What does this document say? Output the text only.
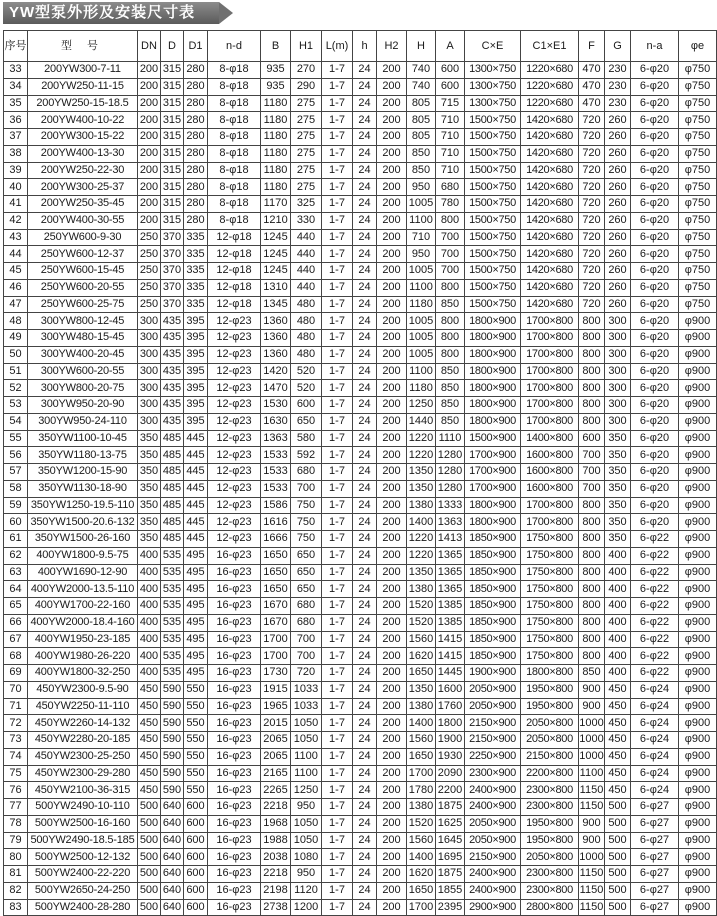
YW型泵外形及安装尺寸表
序号	型 号	DN	D	D1	n-d	B	H1	L(m)	h	H2	H	A	C×E	C1×E1	F	G	n-a	φe
33	200YW300-7-11	200	315	280	8-φ18	935	270	1-7	24	200	740	600	1300×750	1220×680	470	230	6-φ20	φ750
34	200YW250-11-15	200	315	280	8-φ18	935	290	1-7	24	200	740	600	1300×750	1220×680	470	230	6-φ20	φ750
35	200YW250-15-18.5	200	315	280	8-φ18	1180	275	1-7	24	200	805	715	1300×750	1220×680	470	230	6-φ20	φ750
36	200YW400-10-22	200	315	280	8-φ18	1180	275	1-7	24	200	805	710	1500×750	1420×680	720	260	6-φ20	φ750
37	200YW300-15-22	200	315	280	8-φ18	1180	275	1-7	24	200	805	710	1500×750	1420×680	720	260	6-φ20	φ750
38	200YW400-13-30	200	315	280	8-φ18	1180	275	1-7	24	200	850	710	1500×750	1420×680	720	260	6-φ20	φ750
39	200YW250-22-30	200	315	280	8-φ18	1180	275	1-7	24	200	850	710	1500×750	1420×680	720	260	6-φ20	φ750
40	200YW300-25-37	200	315	280	8-φ18	1180	275	1-7	24	200	950	680	1500×750	1420×680	720	260	6-φ20	φ750
41	200YW250-35-45	200	315	280	8-φ18	1170	325	1-7	24	200	1005	780	1500×750	1420×680	720	260	6-φ20	φ750
42	200YW400-30-55	200	315	280	8-φ18	1210	330	1-7	24	200	1100	800	1500×750	1420×680	720	260	6-φ20	φ750
43	250YW600-9-30	250	370	335	12-φ18	1245	440	1-7	24	200	710	700	1500×750	1420×680	720	260	6-φ20	φ750
44	250YW600-12-37	250	370	335	12-φ18	1245	440	1-7	24	200	950	700	1500×750	1420×680	720	260	6-φ20	φ750
45	250YW600-15-45	250	370	335	12-φ18	1245	440	1-7	24	200	1005	700	1500×750	1420×680	720	260	6-φ20	φ750
46	250YW600-20-55	250	370	335	12-φ18	1310	440	1-7	24	200	1100	800	1500×750	1420×680	720	260	6-φ20	φ750
47	250YW600-25-75	250	370	335	12-φ18	1345	480	1-7	24	200	1180	850	1500×750	1420×680	720	260	6-φ20	φ750
48	300YW800-12-45	300	435	395	12-φ23	1360	480	1-7	24	200	1005	800	1800×900	1700×800	800	300	6-φ20	φ900
49	300YW480-15-45	300	435	395	12-φ23	1360	480	1-7	24	200	1005	800	1800×900	1700×800	800	300	6-φ20	φ900
50	300YW400-20-45	300	435	395	12-φ23	1360	480	1-7	24	200	1005	800	1800×900	1700×800	800	300	6-φ20	φ900
51	300YW600-20-55	300	435	395	12-φ23	1420	520	1-7	24	200	1100	850	1800×900	1700×800	800	300	6-φ20	φ900
52	300YW800-20-75	300	435	395	12-φ23	1470	520	1-7	24	200	1180	850	1800×900	1700×800	800	300	6-φ20	φ900
53	300YW950-20-90	300	435	395	12-φ23	1530	600	1-7	24	200	1250	850	1800×900	1700×800	800	300	6-φ20	φ900
54	300YW950-24-110	300	435	395	12-φ23	1630	650	1-7	24	200	1440	850	1800×900	1700×800	800	300	6-φ20	φ900
55	350YW1100-10-45	350	485	445	12-φ23	1363	580	1-7	24	200	1220	1110	1500×900	1400×800	600	350	6-φ20	φ900
56	350YW1180-13-75	350	485	445	12-φ23	1533	592	1-7	24	200	1220	1280	1700×900	1600×800	700	350	6-φ20	φ900
57	350YW1200-15-90	350	485	445	12-φ23	1533	680	1-7	24	200	1350	1280	1700×900	1600×800	700	350	6-φ20	φ900
58	350YW1130-18-90	350	485	445	12-φ23	1533	700	1-7	24	200	1350	1280	1700×900	1600×800	700	350	6-φ20	φ900
59	350YW1250-19.5-110	350	485	445	12-φ23	1586	750	1-7	24	200	1380	1333	1800×900	1700×800	800	350	6-φ20	φ900
60	350YW1500-20.6-132	350	485	445	12-φ23	1616	750	1-7	24	200	1400	1363	1800×900	1700×800	800	350	6-φ20	φ900
61	350YW1500-26-160	350	485	445	12-φ23	1666	750	1-7	24	200	1220	1413	1850×900	1750×800	800	350	6-φ22	φ900
62	400YW1800-9.5-75	400	535	495	16-φ23	1650	650	1-7	24	200	1220	1365	1850×900	1750×800	800	400	6-φ22	φ900
63	400YW1690-12-90	400	535	495	16-φ23	1650	650	1-7	24	200	1350	1365	1850×900	1750×800	800	400	6-φ22	φ900
64	400YW2000-13.5-110	400	535	495	16-φ23	1650	650	1-7	24	200	1380	1365	1850×900	1750×800	800	400	6-φ22	φ900
65	400YW1700-22-160	400	535	495	16-φ23	1670	680	1-7	24	200	1520	1385	1850×900	1750×800	800	400	6-φ22	φ900
66	400YW2000-18.4-160	400	535	495	16-φ23	1670	680	1-7	24	200	1520	1385	1850×900	1750×800	800	400	6-φ22	φ900
67	400YW1950-23-185	400	535	495	16-φ23	1700	700	1-7	24	200	1560	1415	1850×900	1750×800	800	400	6-φ22	φ900
68	400YW1980-26-220	400	535	495	16-φ23	1700	700	1-7	24	200	1620	1415	1850×900	1750×800	800	400	6-φ22	φ900
69	400YW1800-32-250	400	535	495	16-φ23	1730	720	1-7	24	200	1650	1445	1900×900	1800×800	850	400	6-φ22	φ900
70	450YW2300-9.5-90	450	590	550	16-φ23	1915	1033	1-7	24	200	1350	1600	2050×900	1950×800	900	450	6-φ24	φ900
71	450YW2250-11-110	450	590	550	16-φ23	1965	1033	1-7	24	200	1380	1760	2050×900	1950×800	900	450	6-φ24	φ900
72	450YW2260-14-132	450	590	550	16-φ23	2015	1050	1-7	24	200	1400	1800	2150×900	2050×800	1000	450	6-φ24	φ900
73	450YW2280-20-185	450	590	550	16-φ23	2065	1050	1-7	24	200	1560	1900	2150×900	2050×800	1000	450	6-φ24	φ900
74	450YW2300-25-250	450	590	550	16-φ23	2065	1100	1-7	24	200	1650	1930	2250×900	2150×800	1000	450	6-φ24	φ900
75	450YW2300-29-280	450	590	550	16-φ23	2165	1100	1-7	24	200	1700	2090	2300×900	2200×800	1100	450	6-φ24	φ900
76	450YW2100-36-315	450	590	550	16-φ23	2265	1250	1-7	24	200	1780	2200	2400×900	2300×800	1150	450	6-φ24	φ900
77	500YW2490-10-110	500	640	600	16-φ23	2218	950	1-7	24	200	1380	1875	2400×900	2300×800	1150	500	6-φ27	φ900
78	500YW2500-16-160	500	640	600	16-φ23	1968	1050	1-7	24	200	1520	1625	2050×900	1950×800	900	500	6-φ27	φ900
79	500YW2490-18.5-185	500	640	600	16-φ23	1988	1050	1-7	24	200	1560	1645	2050×900	1950×800	900	500	6-φ27	φ900
80	500YW2500-12-132	500	640	600	16-φ23	2038	1080	1-7	24	200	1400	1695	2150×900	2050×800	1000	500	6-φ27	φ900
81	500YW2400-22-220	500	640	600	16-φ23	2218	950	1-7	24	200	1620	1875	2400×900	2300×800	1150	500	6-φ27	φ900
82	500YW2650-24-250	500	640	600	16-φ23	2198	1120	1-7	24	200	1650	1855	2400×900	2300×800	1150	500	6-φ27	φ900
83	500YW2400-28-280	500	640	600	16-φ23	2738	1200	1-7	24	200	1700	2395	2900×900	2800×800	1150	500	6-φ27	φ900
